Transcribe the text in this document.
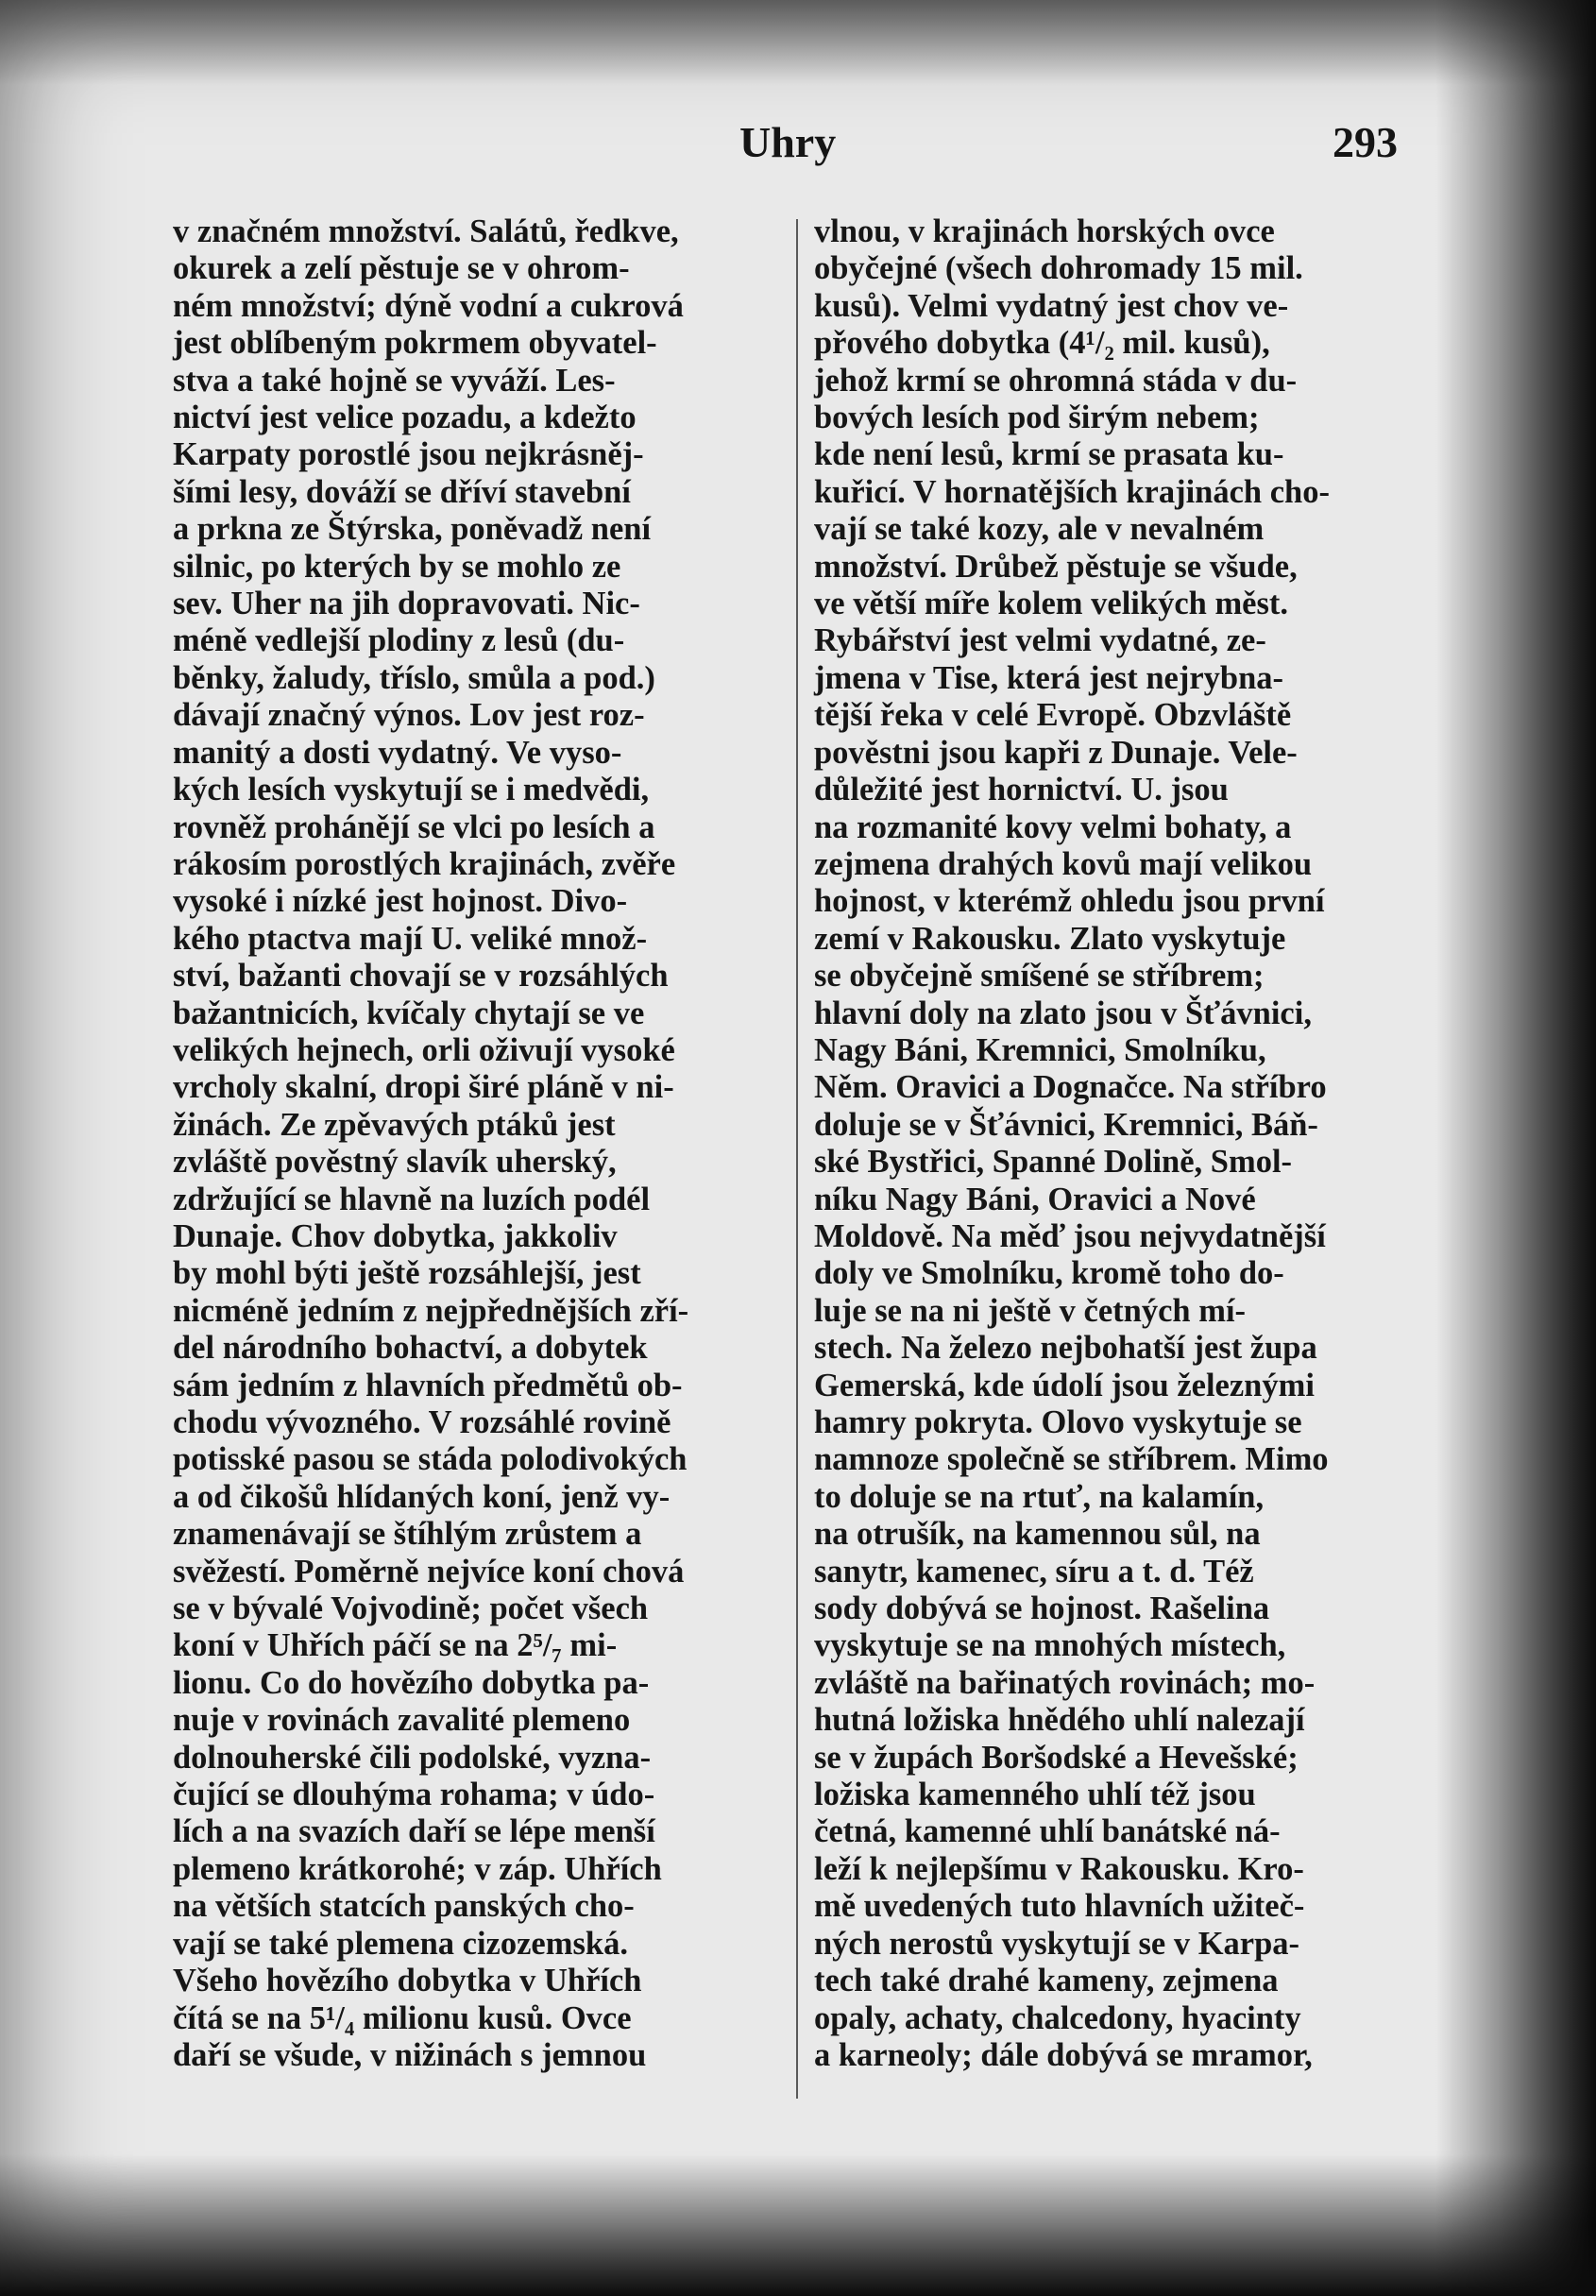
Uhry	293
v značném množství. Salátů, ředkve,
okurek a zelí pěstuje se v ohrom-
ném množství; dýně vodní a cukrová
jest oblíbeným pokrmem obyvatel-
stva a také hojně se vyváží. Les-
nictví jest velice pozadu, a kdežto
Karpaty porostlé jsou nejkrásněj-
šími lesy, dováží se dříví stavební
a prkna ze Štýrska, poněvadž není
silnic, po kterých by se mohlo ze
sev. Uher na jih dopravovati. Nic-
méně vedlejší plodiny z lesů (du-
běnky, žaludy, tříslo, smůla a pod.)
dávají značný výnos. Lov jest roz-
manitý a dosti vydatný. Ve vyso-
kých lesích vyskytují se i medvědi,
rovněž prohánějí se vlci po lesích a
rákosím porostlých krajinách, zvěře
vysoké i nízké jest hojnost. Divo-
kého ptactva mají U. veliké množ-
ství, bažanti chovají se v rozsáhlých
bažantnicích, kvíčaly chytají se ve
velikých hejnech, orli oživují vysoké
vrcholy skalní, dropi širé pláně v ni-
žinách. Ze zpěvavých ptáků jest
zvláště pověstný slavík uherský,
zdržující se hlavně na luzích podél
Dunaje. Chov dobytka, jakkoliv
by mohl býti ještě rozsáhlejší, jest
nicméně jedním z nejpřednějších zří-
del národního bohactví, a dobytek
sám jedním z hlavních předmětů ob-
chodu vývozného. V rozsáhlé rovině
potisské pasou se stáda polodivokých
a od čikošů hlídaných koní, jenž vy-
znamenávají se štíhlým zrůstem a
svěžestí. Poměrně nejvíce koní chová
se v bývalé Vojvodině; počet všech
koní v Uhřích páčí se na 2⁵/₇ mi-
lionu. Co do hovězího dobytka pa-
nuje v rovinách zavalité plemeno
dolnouherské čili podolské, vyzna-
čující se dlouhýma rohama; v údo-
lích a na svazích daří se lépe menší
plemeno krátkorohé; v záp. Uhřích
na větších statcích panských cho-
vají se také plemena cizozemská.
Všeho hovězího dobytka v Uhřích
čítá se na 5¹/₄ milionu kusů. Ovce
daří se všude, v nižinách s jemnou
vlnou, v krajinách horských ovce
obyčejné (všech dohromady 15 mil.
kusů). Velmi vydatný jest chov ve-
přového dobytka (4¹/₂ mil. kusů),
jehož krmí se ohromná stáda v du-
bových lesích pod širým nebem;
kde není lesů, krmí se prasata ku-
kuřicí. V hornatějších krajinách cho-
vají se také kozy, ale v nevalném
množství. Drůbež pěstuje se všude,
ve větší míře kolem velikých měst.
Rybářství jest velmi vydatné, ze-
jmena v Tise, která jest nejrybna-
tější řeka v celé Evropě. Obzvláště
pověstni jsou kapři z Dunaje. Vele-
důležité jest hornictví. U. jsou
na rozmanité kovy velmi bohaty, a
zejmena drahých kovů mají velikou
hojnost, v kterémž ohledu jsou první
zemí v Rakousku. Zlato vyskytuje
se obyčejně smíšené se stříbrem;
hlavní doly na zlato jsou v Šťávnici,
Nagy Báni, Kremnici, Smolníku,
Něm. Oravici a Dognačce. Na stříbro
doluje se v Šťávnici, Kremnici, Báň-
ské Bystřici, Spanné Dolině, Smol-
níku Nagy Báni, Oravici a Nové
Moldově. Na měď jsou nejvydatnější
doly ve Smolníku, kromě toho do-
luje se na ni ještě v četných mí-
stech. Na železo nejbohatší jest župa
Gemerská, kde údolí jsou železnými
hamry pokryta. Olovo vyskytuje se
namnoze společně se stříbrem. Mimo
to doluje se na rtuť, na kalamín,
na otrušík, na kamennou sůl, na
sanytr, kamenec, síru a t. d. Též
sody dobývá se hojnost. Rašelina
vyskytuje se na mnohých místech,
zvláště na bařinatých rovinách; mo-
hutná ložiska hnědého uhlí nalezají
se v župách Boršodské a Hevešské;
ložiska kamenného uhlí též jsou
četná, kamenné uhlí banátské ná-
leží k nejlepšímu v Rakousku. Kro-
mě uvedených tuto hlavních užiteč-
ných nerostů vyskytují se v Karpa-
tech také drahé kameny, zejmena
opaly, achaty, chalcedony, hyacinty
a karneoly; dále dobývá se mramor,
